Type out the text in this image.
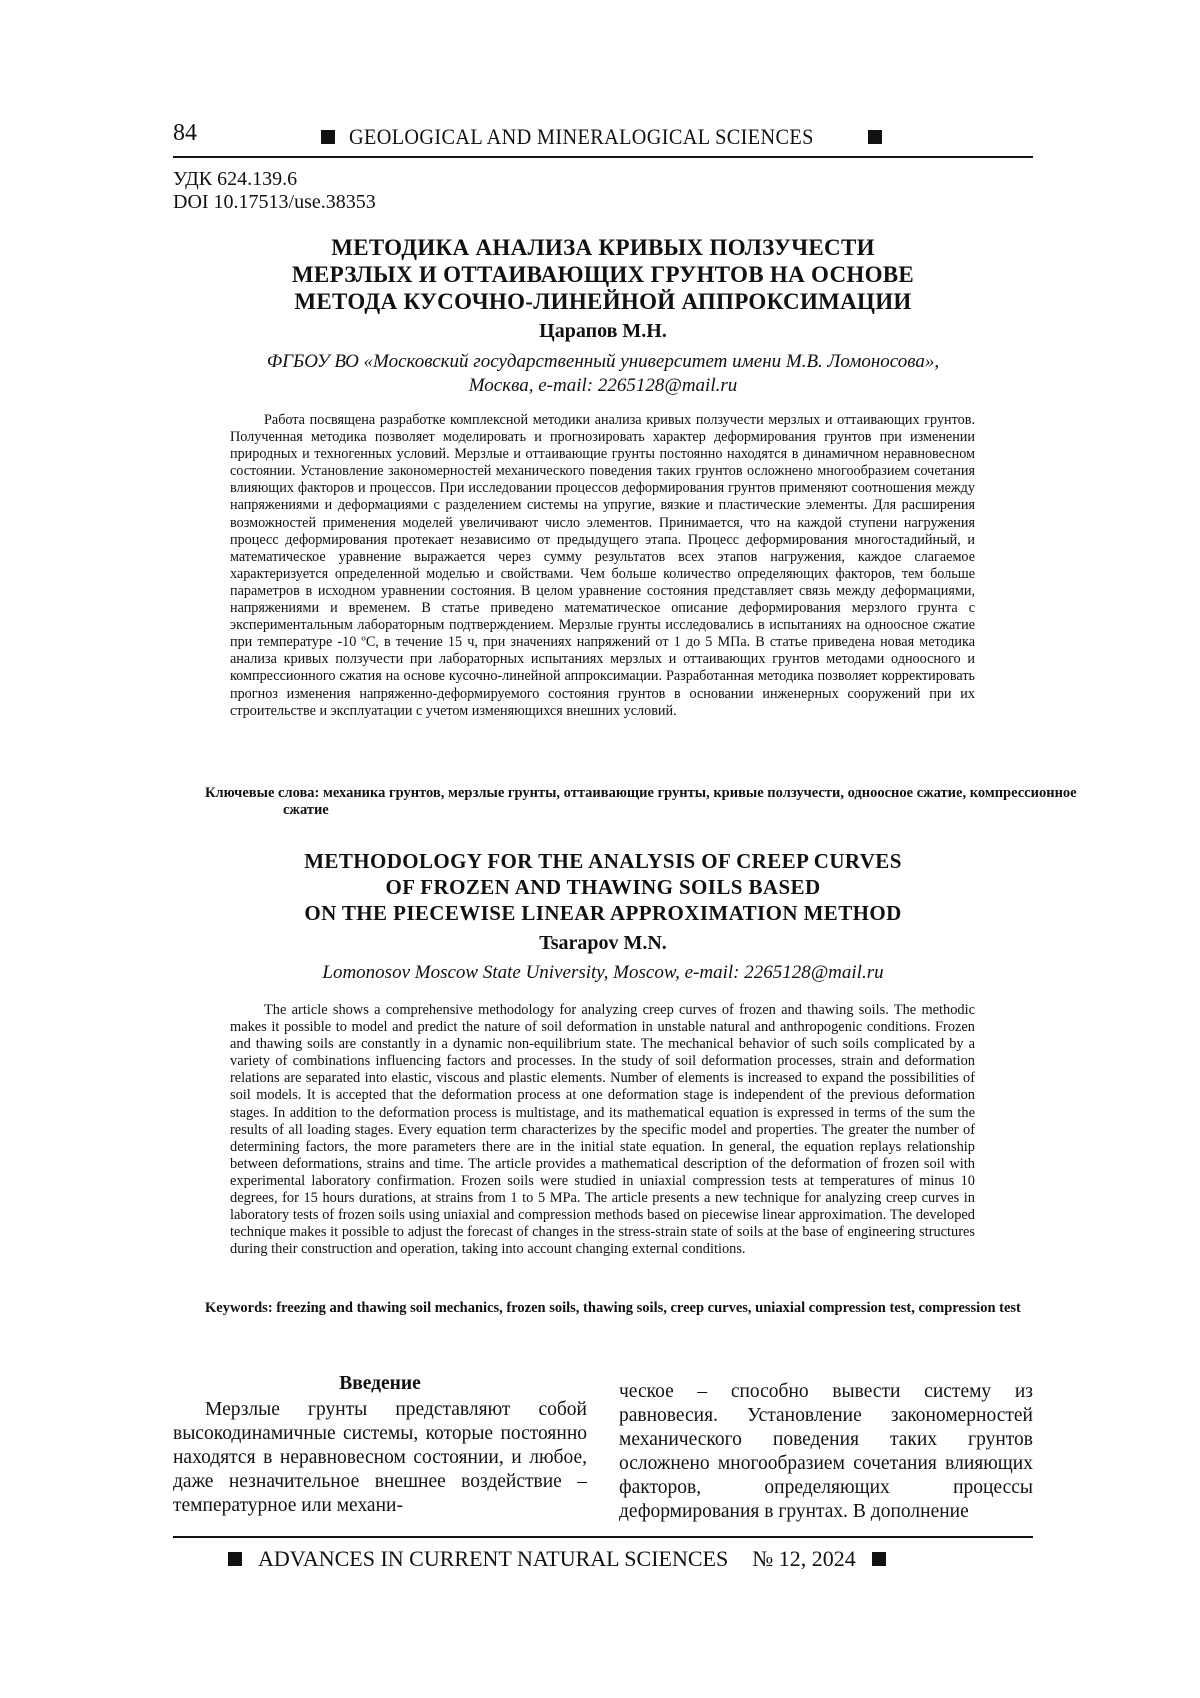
84	GEOLOGICAL AND MINERALOGICAL SCIENCES
УДК 624.139.6
DOI 10.17513/use.38353
МЕТОДИКА АНАЛИЗА КРИВЫХ ПОЛЗУЧЕСТИ
МЕРЗЛЫХ И ОТТАИВАЮЩИХ ГРУНТОВ НА ОСНОВЕ
МЕТОДА КУСОЧНО-ЛИНЕЙНОЙ АППРОКСИМАЦИИ
Царапов М.Н.
ФГБОУ ВО «Московский государственный университет имени М.В. Ломоносова»,
Москва, e-mail: 2265128@mail.ru

Работа посвящена разработке комплексной методики анализа кривых ползучести мерзлых и оттаивающих грунтов. Полученная методика позволяет моделировать и прогнозировать характер деформирования грунтов при изменении природных и техногенных условий. Мерзлые и оттаивающие грунты постоянно находятся в динамичном неравновесном состоянии. Установление закономерностей механического поведения таких грунтов осложнено многообразием сочетания влияющих факторов и процессов. При исследовании процессов деформирования грунтов применяют соотношения между напряжениями и деформациями с разделением системы на упругие, вязкие и пластические элементы. Для расширения возможностей применения моделей увеличивают число элементов. Принимается, что на каждой ступени нагружения процесс деформирования протекает независимо от предыдущего этапа. Процесс деформирования многостадийный, и математическое уравнение выражается через сумму результатов всех этапов нагружения, каждое слагаемое характеризуется определенной моделью и свойствами. Чем больше количество определяющих факторов, тем больше параметров в исходном уравнении состояния. В целом уравнение состояния представляет связь между деформациями, напряжениями и временем. В статье приведено математическое описание деформирования мерзлого грунта с экспериментальным лабораторным подтверждением. Мерзлые грунты исследовались в испытаниях на одноосное сжатие при температуре -10 ºC, в течение 15 ч, при значениях напряжений от 1 до 5 МПа. В статье приведена новая методика анализа кривых ползучести при лабораторных испытаниях мерзлых и оттаивающих грунтов методами одноосного и компрессионного сжатия на основе кусочно-линейной аппроксимации. Разработанная методика позволяет корректировать прогноз изменения напряженно-деформируемого состояния грунтов в основании инженерных сооружений при их строительстве и эксплуатации с учетом изменяющихся внешних условий.

Ключевые слова: механика грунтов, мерзлые грунты, оттаивающие грунты, кривые ползучести, одноосное сжатие, компрессионное сжатие

METHODOLOGY FOR THE ANALYSIS OF CREEP CURVES
OF FROZEN AND THAWING SOILS BASED
ON THE PIECEWISE LINEAR APPROXIMATION METHOD
Tsarapov M.N.
Lomonosov Moscow State University, Moscow, e-mail: 2265128@mail.ru

The article shows a comprehensive methodology for analyzing creep curves of frozen and thawing soils. The methodic makes it possible to model and predict the nature of soil deformation in unstable natural and anthropogenic conditions. Frozen and thawing soils are constantly in a dynamic non-equilibrium state. The mechanical behavior of such soils complicated by a variety of combinations influencing factors and processes. In the study of soil deformation processes, strain and deformation relations are separated into elastic, viscous and plastic elements. Number of elements is increased to expand the possibilities of soil models. It is accepted that the deformation process at one deformation stage is independent of the previous deformation stages. In addition to the deformation process is multistage, and its mathematical equation is expressed in terms of the sum the results of all loading stages. Every equation term characterizes by the specific model and properties. The greater the number of determining factors, the more parameters there are in the initial state equation. In general, the equation replays relationship between deformations, strains and time. The article provides a mathematical description of the deformation of frozen soil with experimental laboratory confirmation. Frozen soils were studied in uniaxial compression tests at temperatures of minus 10 degrees, for 15 hours durations, at strains from 1 to 5 MPa. The article presents a new technique for analyzing creep curves in laboratory tests of frozen soils using uniaxial and compression methods based on piecewise linear approximation. The developed technique makes it possible to adjust the forecast of changes in the stress-strain state of soils at the base of engineering structures during their construction and operation, taking into account changing external conditions.

Keywords: freezing and thawing soil mechanics, frozen soils, thawing soils, creep curves, uniaxial compression test, compression test

Введение

Мерзлые грунты представляют собой высокодинамичные системы, которые постоянно находятся в неравновесном состоянии, и любое, даже незначительное внешнее воздействие – температурное или механи-

ческое – способно вывести систему из равновесия. Установление закономерностей механического поведения таких грунтов осложнено многообразием сочетания влияющих факторов, определяющих процессы деформирования в грунтах. В дополнение

ADVANCES IN CURRENT NATURAL SCIENCES № 12, 2024
